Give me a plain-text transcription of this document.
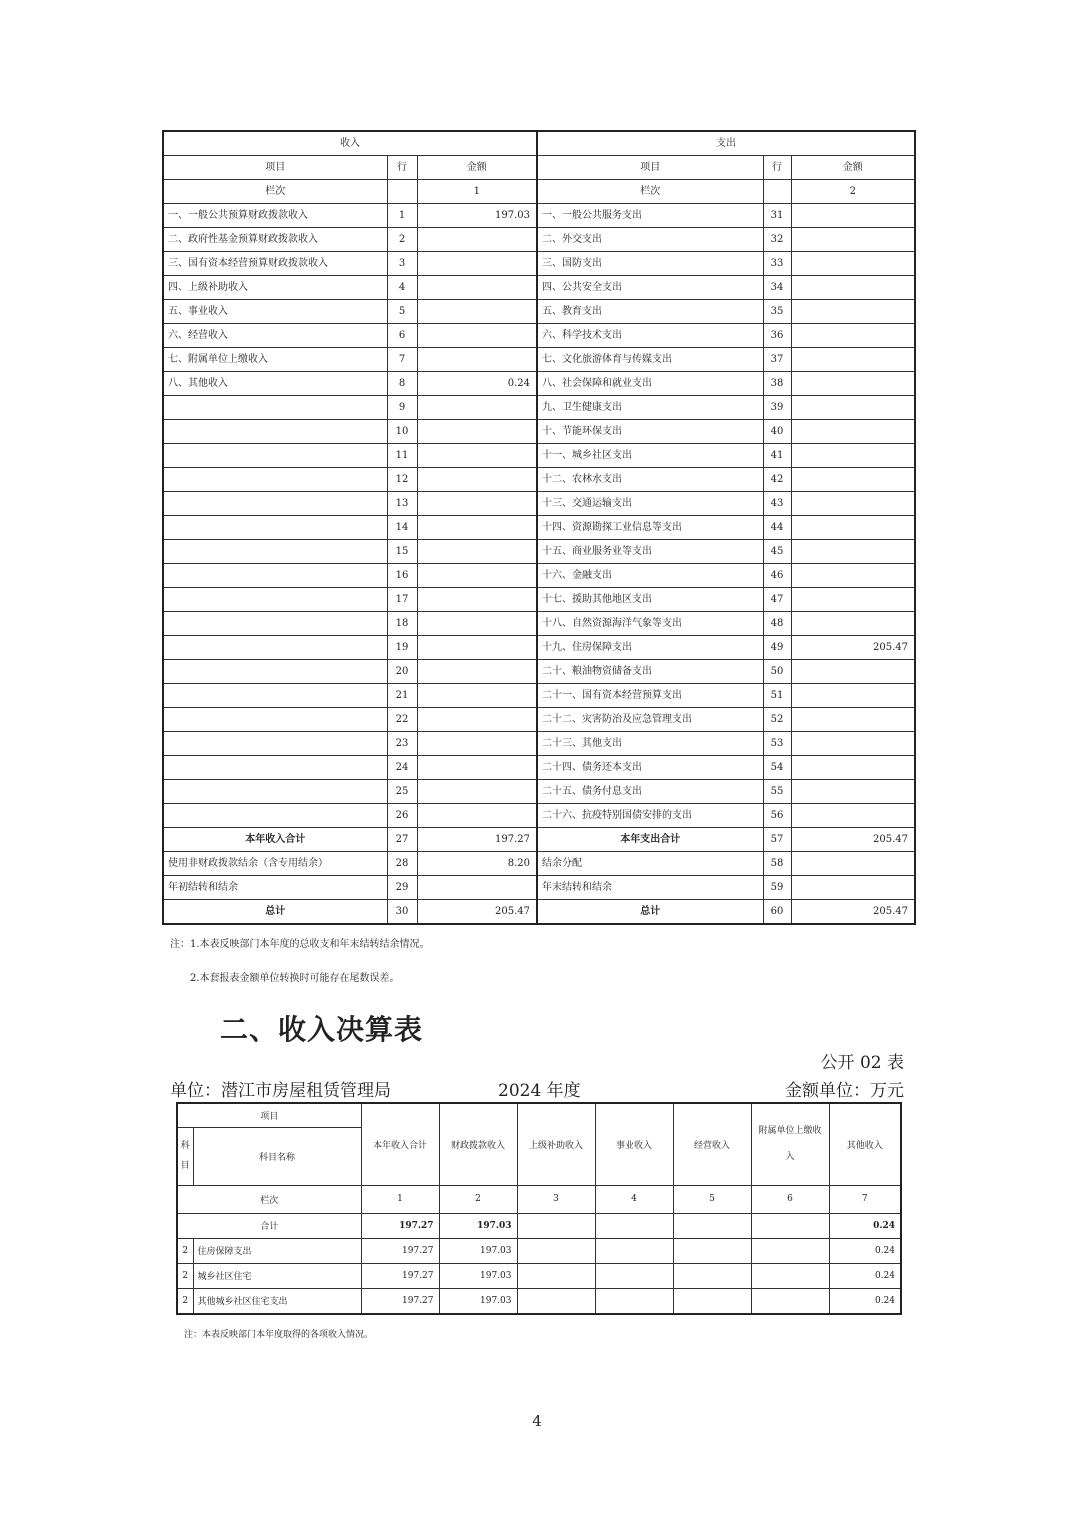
收入			支出		
项目	行	金额	项目	行	金额
栏次		1	栏次		2
一、一般公共预算财政拨款收入	1	197.03	一、一般公共服务支出	31	
二、政府性基金预算财政拨款收入	2		二、外交支出	32	
三、国有资本经营预算财政拨款收入	3		三、国防支出	33	
四、上级补助收入	4		四、公共安全支出	34	
五、事业收入	5		五、教育支出	35	
六、经营收入	6		六、科学技术支出	36	
七、附属单位上缴收入	7		七、文化旅游体育与传媒支出	37	
八、其他收入	8	0.24	八、社会保障和就业支出	38	
	9		九、卫生健康支出	39	
	10		十、节能环保支出	40	
	11		十一、城乡社区支出	41	
	12		十二、农林水支出	42	
	13		十三、交通运输支出	43	
	14		十四、资源勘探工业信息等支出	44	
	15		十五、商业服务业等支出	45	
	16		十六、金融支出	46	
	17		十七、援助其他地区支出	47	
	18		十八、自然资源海洋气象等支出	48	
	19		十九、住房保障支出	49	205.47
	20		二十、粮油物资储备支出	50	
	21		二十一、国有资本经营预算支出	51	
	22		二十二、灾害防治及应急管理支出	52	
	23		二十三、其他支出	53	
	24		二十四、债务还本支出	54	
	25		二十五、债务付息支出	55	
	26		二十六、抗疫特别国债安排的支出	56	
本年收入合计	27	197.27	本年支出合计	57	205.47
使用非财政拨款结余（含专用结余）	28	8.20	结余分配	58	
年初结转和结余	29		年末结转和结余	59	
总计	30	205.47	总计	60	205.47
注：1.本表反映部门本年度的总收支和年末结转结余情况。
2.本套报表金额单位转换时可能存在尾数误差。
二、收入决算表
公开 02 表
单位：潜江市房屋租赁管理局	2024 年度	金额单位：万元
项目		本年收入合计	财政拨款收入	上级补助收入	事业收入	经营收入	附属单位上缴收入	其他收入
科目	科目名称							
栏次		1	2	3	4	5	6	7
合计		197.27	197.03					0.24
2	住房保障支出	197.27	197.03					0.24
2	城乡社区住宅	197.27	197.03					0.24
2	其他城乡社区住宅支出	197.27	197.03					0.24
注：本表反映部门本年度取得的各项收入情况。
4
